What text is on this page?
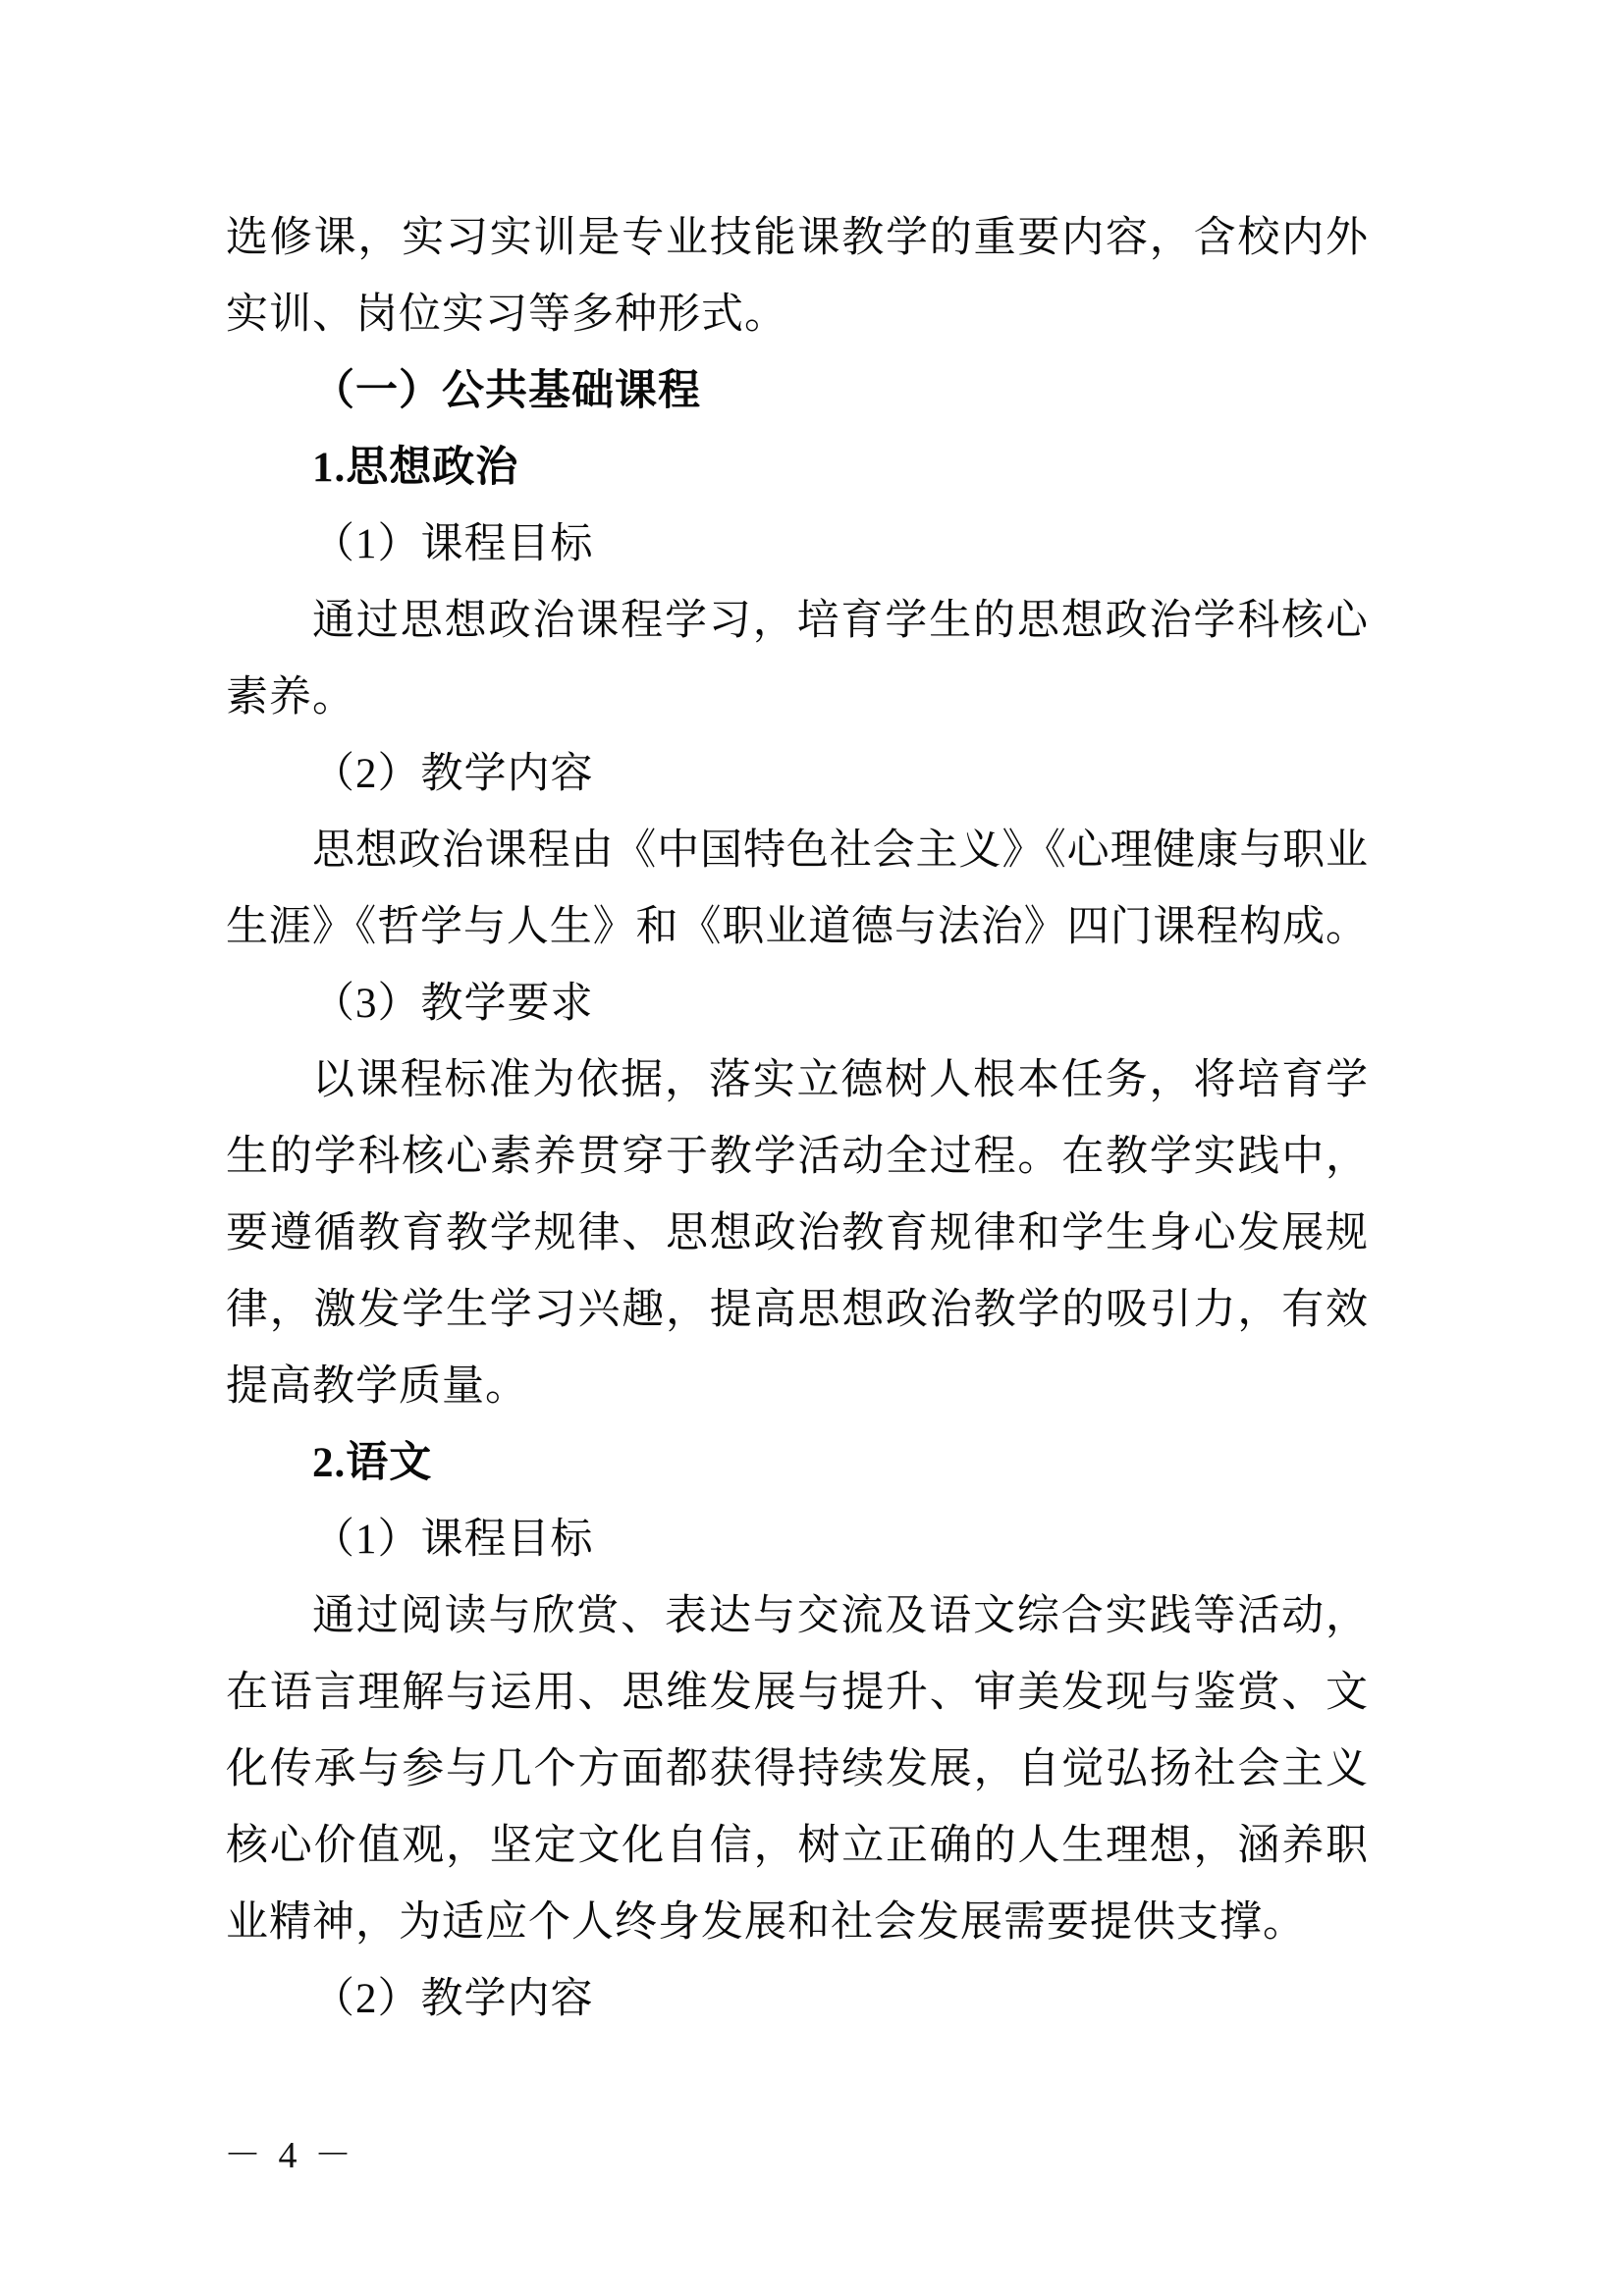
选修课，实习实训是专业技能课教学的重要内容，含校内外
实训、岗位实习等多种形式。
（一）公共基础课程
1.思想政治
（1）课程目标
通过思想政治课程学习，培育学生的思想政治学科核心
素养。
（2）教学内容
思想政治课程由《中国特色社会主义》《心理健康与职业
生涯》《哲学与人生》和《职业道德与法治》四门课程构成。
（3）教学要求
以课程标准为依据，落实立德树人根本任务，将培育学
生的学科核心素养贯穿于教学活动全过程。在教学实践中，
要遵循教育教学规律、思想政治教育规律和学生身心发展规
律，激发学生学习兴趣，提高思想政治教学的吸引力，有效
提高教学质量。
2.语文
（1）课程目标
通过阅读与欣赏、表达与交流及语文综合实践等活动，
在语言理解与运用、思维发展与提升、审美发现与鉴赏、文
化传承与参与几个方面都获得持续发展，自觉弘扬社会主义
核心价值观，坚定文化自信，树立正确的人生理想，涵养职
业精神，为适应个人终身发展和社会发展需要提供支撑。
（2）教学内容
－ 4 －
